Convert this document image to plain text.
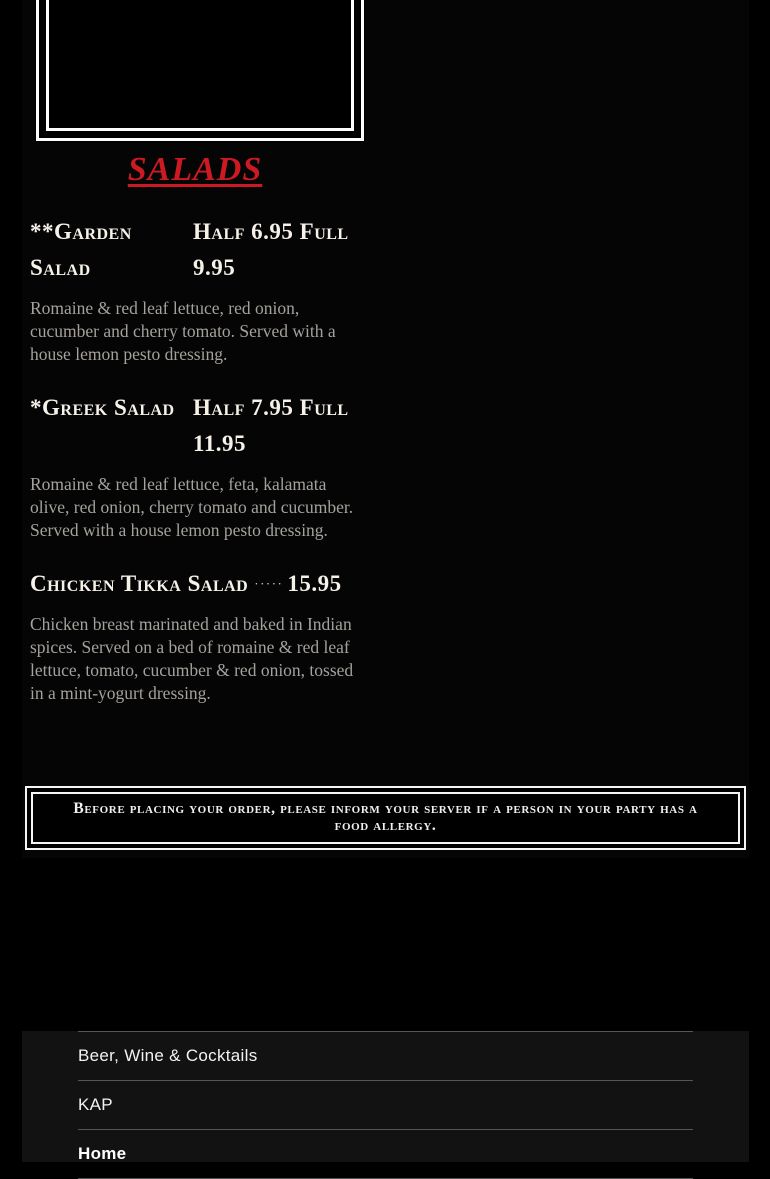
SALADS
**Garden Salad
Half 6.95 Full 9.95

Romaine & red leaf lettuce, red onion, cucumber and cherry tomato. Served with a house lemon pesto dressing.

*Greek Salad Half 7.95 Full 11.95

Romaine & red leaf lettuce, feta, kalamata olive, red onion, cherry tomato and cucumber. Served with a house lemon pesto dressing.

Chicken Tikka Salad ····· 15.95

Chicken breast marinated and baked in Indian spices. Served on a bed of romaine & red leaf lettuce, tomato, cucumber & red onion, tossed in a mint-yogurt dressing.

Before placing your order, please inform your server if a person in your party has a food allergy.

Beer, Wine & Cocktails
KAP
Home
